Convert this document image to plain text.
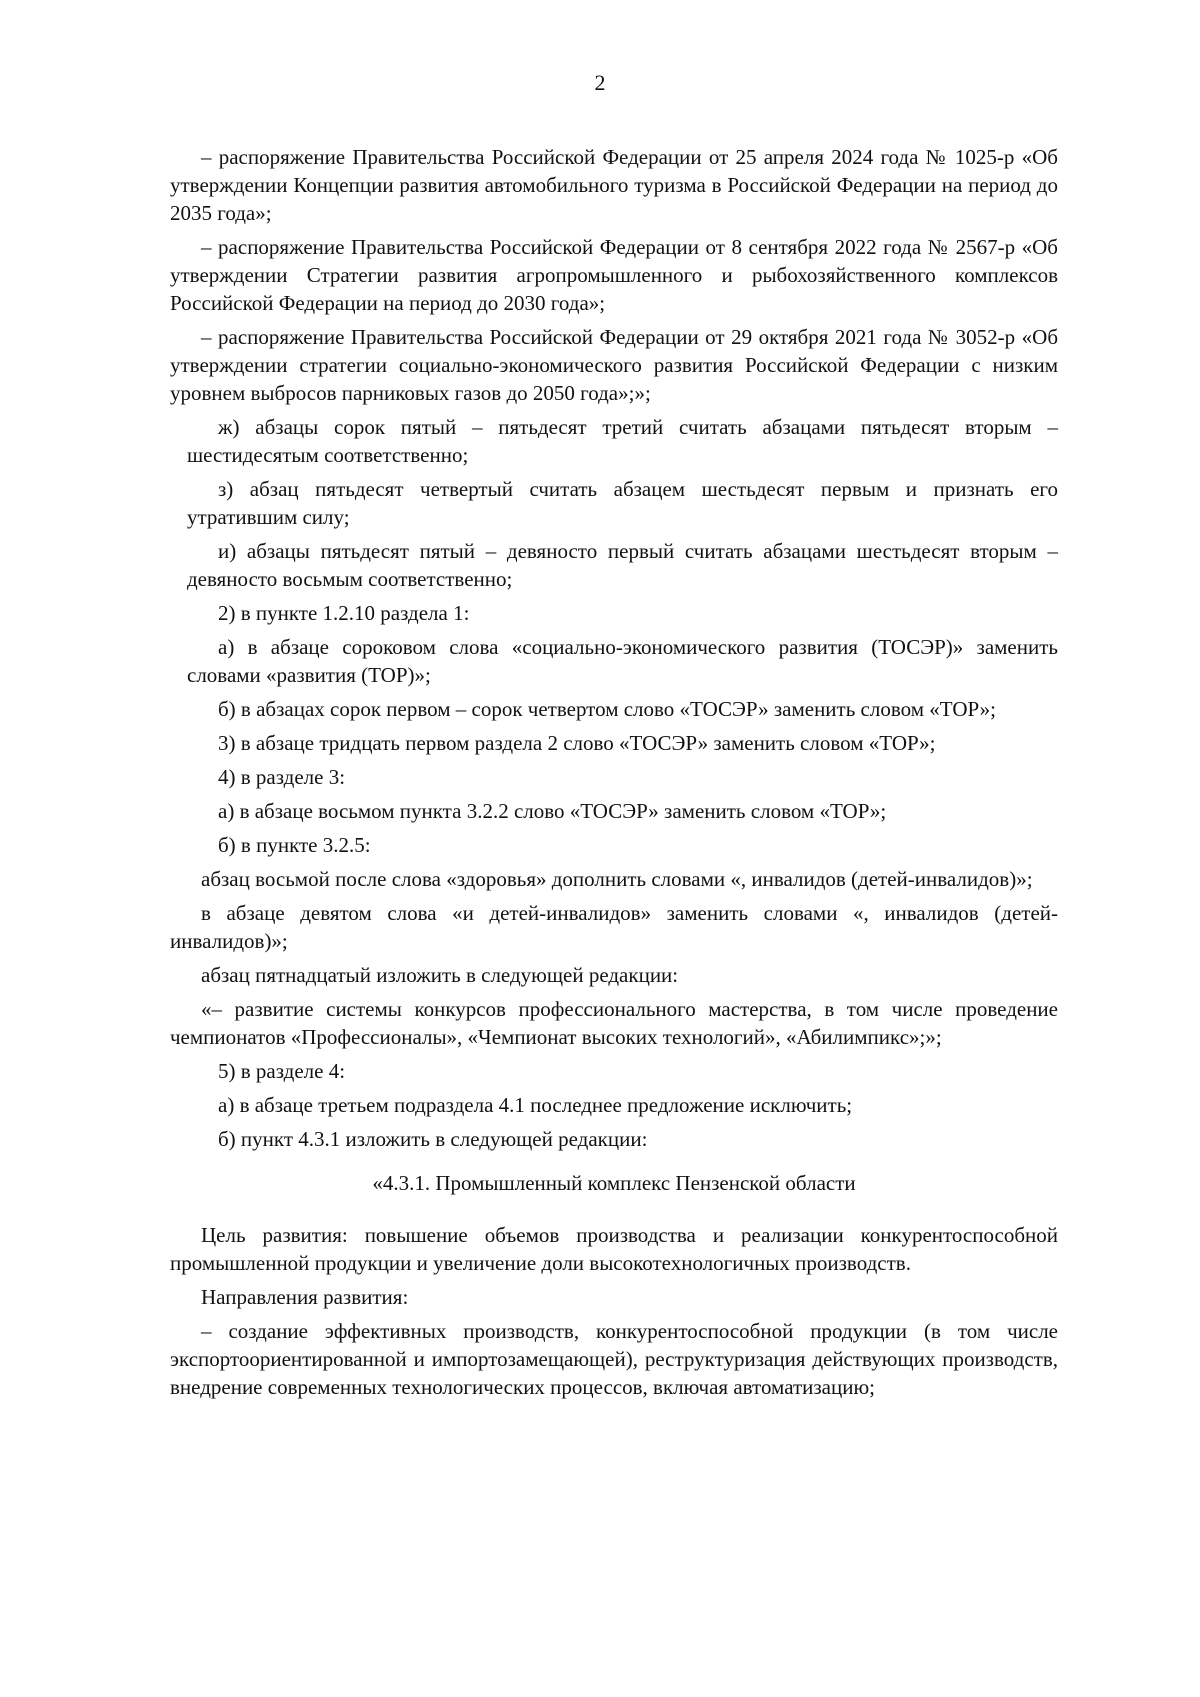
2

– распоряжение Правительства Российской Федерации от 25 апреля 2024 года № 1025-р «Об утверждении Концепции развития автомобильного туризма в Российской Федерации на период до 2035 года»;

– распоряжение Правительства Российской Федерации от 8 сентября 2022 года № 2567-р «Об утверждении Стратегии развития агропромышленного и рыбохозяйственного комплексов Российской Федерации на период до 2030 года»;

– распоряжение Правительства Российской Федерации от 29 октября 2021 года № 3052-р «Об утверждении стратегии социально-экономического развития Российской Федерации с низким уровнем выбросов парниковых газов до 2050 года»;»;

ж) абзацы сорок пятый – пятьдесят третий считать абзацами пятьдесят вторым – шестидесятым соответственно;

з) абзац пятьдесят четвертый считать абзацем шестьдесят первым и признать его утратившим силу;

и) абзацы пятьдесят пятый – девяносто первый считать абзацами шестьдесят вторым – девяносто восьмым соответственно;

2) в пункте 1.2.10 раздела 1:

а) в абзаце сороковом слова «социально-экономического развития (ТОСЭР)» заменить словами «развития (ТОР)»;

б) в абзацах сорок первом – сорок четвертом слово «ТОСЭР» заменить словом «ТОР»;

3) в абзаце тридцать первом раздела 2 слово «ТОСЭР» заменить словом «ТОР»;

4) в разделе 3:

а) в абзаце восьмом пункта 3.2.2 слово «ТОСЭР» заменить словом «ТОР»;

б) в пункте 3.2.5:

абзац восьмой после слова «здоровья» дополнить словами «, инвалидов (детей-инвалидов)»;

в абзаце девятом слова «и детей-инвалидов» заменить словами «, инвалидов (детей-инвалидов)»;

абзац пятнадцатый изложить в следующей редакции:

«– развитие системы конкурсов профессионального мастерства, в том числе проведение чемпионатов «Профессионалы», «Чемпионат высоких технологий», «Абилимпикс»;»;

5) в разделе 4:

а) в абзаце третьем подраздела 4.1 последнее предложение исключить;

б) пункт 4.3.1 изложить в следующей редакции:

«4.3.1. Промышленный комплекс Пензенской области

Цель развития: повышение объемов производства и реализации конкурентоспособной промышленной продукции и увеличение доли высокотехнологичных производств.

Направления развития:

– создание эффективных производств, конкурентоспособной продукции (в том числе экспортоориентированной и импортозамещающей), реструктуризация действующих производств, внедрение современных технологических процессов, включая автоматизацию;
